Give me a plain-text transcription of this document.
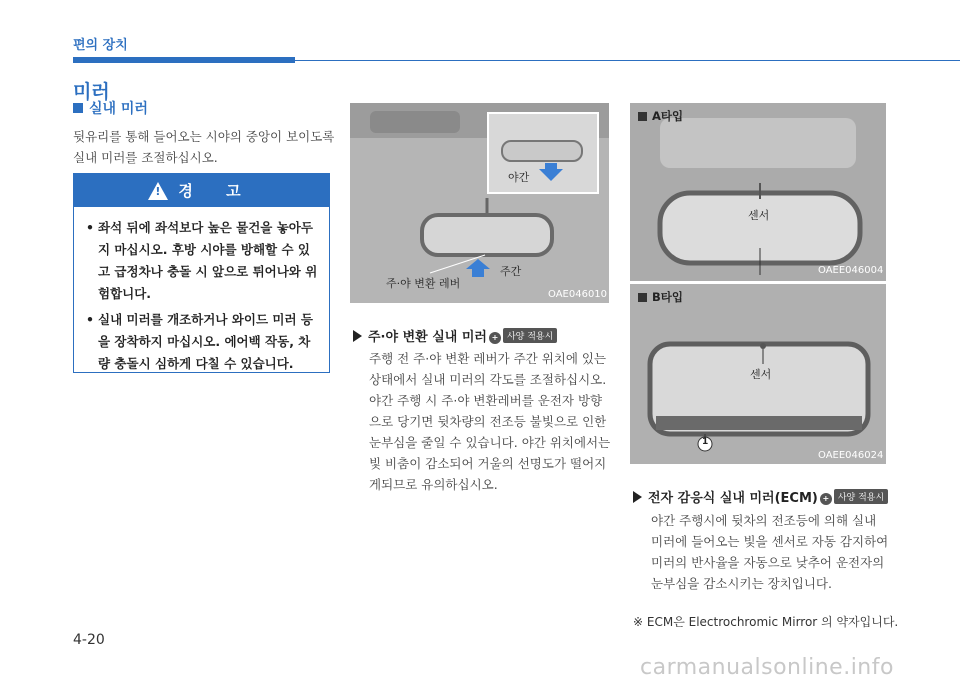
편의 장치
미러
실내 미러
뒷유리를 통해 들어오는 시야의 중앙이 보이도록 실내 미러를 조절하십시오.
! 경 고
• 좌석 뒤에 좌석보다 높은 물건을 놓아두지 마십시오. 후방 시야를 방해할 수 있고 급정차나 충돌 시 앞으로 튀어나와 위험합니다.
• 실내 미러를 개조하거나 와이드 미러 등을 장착하지 마십시오. 에어백 작동, 차량 충돌시 심하게 다칠 수 있습니다.
야간
주간
주·야 변환 레버
OAE046010
주·야 변환 실내 미러 + 사양 적용시
주행 전 주·야 변환 레버가 주간 위치에 있는 상태에서 실내 미러의 각도를 조절하십시오. 야간 주행 시 주·야 변환레버를 운전자 방향으로 당기면 뒷차량의 전조등 불빛으로 인한 눈부심을 줄일 수 있습니다. 야간 위치에서는 빛 비춤이 감소되어 거울의 선명도가 떨어지게되므로 유의하십시오.
A타입
센서
OAEE046004
B타입
센서
1
OAEE046024
전자 감응식 실내 미러(ECM) + 사양 적용시
야간 주행시에 뒷차의 전조등에 의해 실내 미러에 들어오는 빛을 센서로 자동 감지하여 미러의 반사율을 자동으로 낮추어 운전자의 눈부심을 감소시키는 장치입니다.
※ ECM은 Electrochromic Mirror 의 약자입니다.
4-20
carmanualsonline.info
